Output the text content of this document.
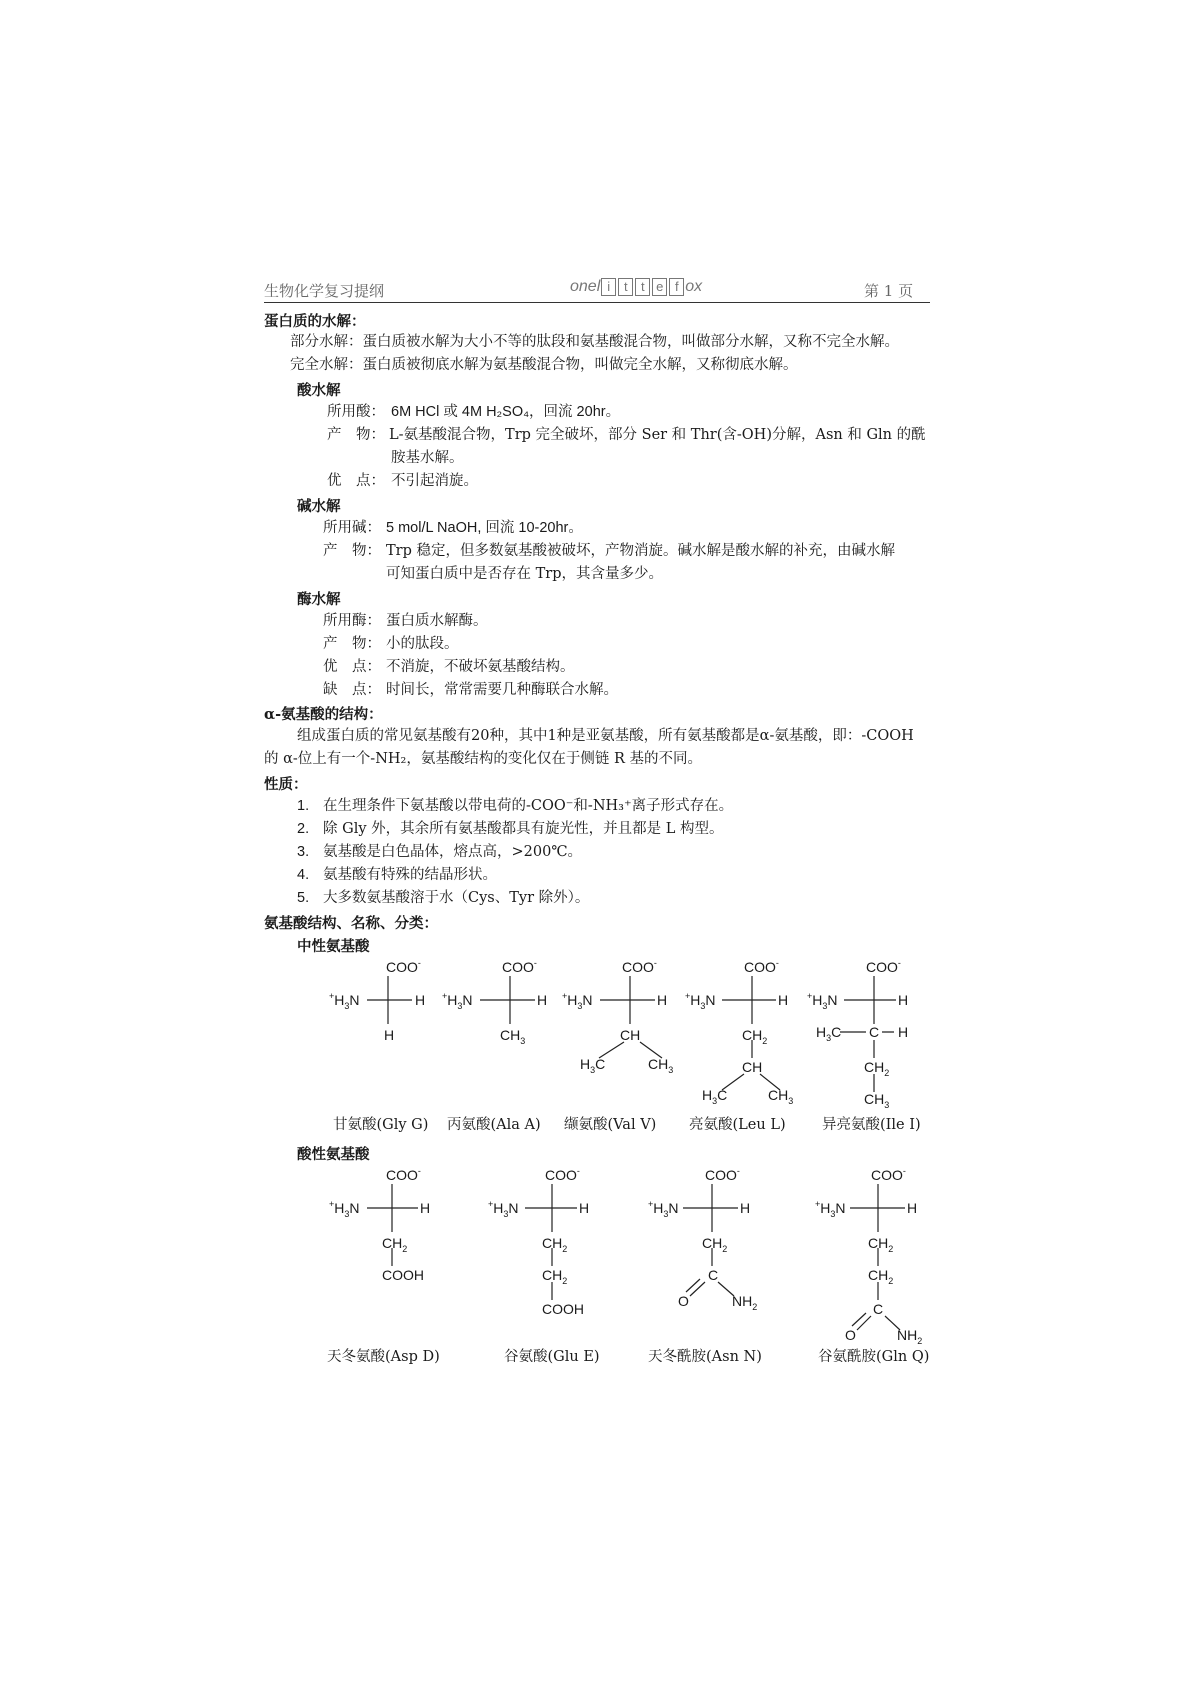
生物化学复习提纲	onel i t t e f ox	第 1 页
蛋白质的水解：
部分水解：蛋白质被水解为大小不等的肽段和氨基酸混合物，叫做部分水解，又称不完全水解。
完全水解：蛋白质被彻底水解为氨基酸混合物，叫做完全水解，又称彻底水解。
酸水解
所用酸： 6M HCl 或 4M H₂SO₄，回流 20hr。
产　物： L-氨基酸混合物，Trp 完全破坏，部分 Ser 和 Thr(含-OH)分解，Asn 和 Gln 的酰
胺基水解。
优　点： 不引起消旋。
碱水解
所用碱： 5 mol/L NaOH, 回流 10-20hr。
产　物： Trp 稳定，但多数氨基酸被破坏，产物消旋。碱水解是酸水解的补充，由碱水解
可知蛋白质中是否存在 Trp，其含量多少。
酶水解
所用酶： 蛋白质水解酶。
产　物： 小的肽段。
优　点： 不消旋，不破坏氨基酸结构。
缺　点： 时间长，常常需要几种酶联合水解。
α-氨基酸的结构：
组成蛋白质的常见氨基酸有20种，其中1种是亚氨基酸，所有氨基酸都是α-氨基酸，即：-COOH
的 α-位上有一个-NH₂，氨基酸结构的变化仅在于侧链 R 基的不同。
性质：
1. 在生理条件下氨基酸以带电荷的-COO⁻和-NH₃⁺离子形式存在。
2. 除 Gly 外，其余所有氨基酸都具有旋光性，并且都是 L 构型。
3. 氨基酸是白色晶体，熔点高，>200℃。
4. 氨基酸有特殊的结晶形状。
5. 大多数氨基酸溶于水（Cys、Tyr 除外）。
氨基酸结构、名称、分类：
中性氨基酸
COO-
$^+H_3N$	H
H
COO-
$^+H_3N$	H
$CH_3$
COO-
$^+H_3N$	H
CH
$H_3C$	$CH_3$
COO-
$^+H_3N$	H
$CH_2$
CH
$H_3C$	$CH_3$
COO-
$^+H_3N$	H
$H_3C$ C H
$CH_2$
$CH_3$
COO-
$^+H_3N$	H
$CH_2$
COOH
COO-
$^+H_3N$	H
$CH_2$
$CH_2$
COOH
COO-
$^+H_3N$	H
$CH_2$
C
O	$NH_2$
COO-
$^+H_3N$	H
$CH_2$
$CH_2$
C
O	$NH_2$
甘氨酸(Gly G) 丙氨酸(Ala A) 缬氨酸(Val V) 亮氨酸(Leu L)	异亮氨酸(Ile I)
酸性氨基酸
天冬氨酸(Asp D)	谷氨酸(Glu E)	天冬酰胺(Asn N)	谷氨酰胺(Gln Q)
